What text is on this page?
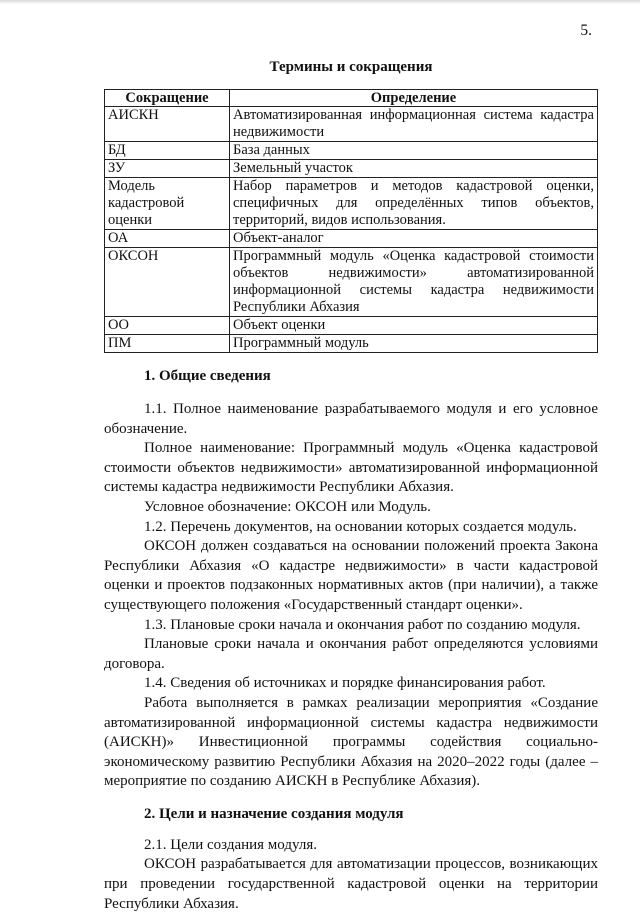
5.
Термины и сокращения
Сокращение	Определение
АИСКН	Автоматизированная информационная система кадастра недвижимости
БД	База данных
ЗУ	Земельный участок
Модель кадастровой оценки	Набор параметров и методов кадастровой оценки, специфичных для определённых типов объектов, территорий, видов использования.
ОА	Объект-аналог
ОКСОН	Программный модуль «Оценка кадастровой стоимости объектов недвижимости» автоматизированной информационной системы кадастра недвижимости Республики Абхазия
ОО	Объект оценки
ПМ	Программный модуль
1. Общие сведения

1.1. Полное наименование разрабатываемого модуля и его условное обозначение.

Полное наименование: Программный модуль «Оценка кадастровой стоимости объектов недвижимости» автоматизированной информационной системы кадастра недвижимости Республики Абхазия.

Условное обозначение: ОКСОН или Модуль.

1.2. Перечень документов, на основании которых создается модуль.

ОКСОН должен создаваться на основании положений проекта Закона Республики Абхазия «О кадастре недвижимости» в части кадастровой оценки и проектов подзаконных нормативных актов (при наличии), а также существующего положения «Государственный стандарт оценки».

1.3. Плановые сроки начала и окончания работ по созданию модуля.

Плановые сроки начала и окончания работ определяются условиями договора.

1.4. Сведения об источниках и порядке финансирования работ.

Работа выполняется в рамках реализации мероприятия «Создание автоматизированной информационной системы кадастра недвижимости (АИСКН)» Инвестиционной программы содействия социально-экономическому развитию Республики Абхазия на 2020–2022 годы (далее – мероприятие по созданию АИСКН в Республике Абхазия).

2. Цели и назначение создания модуля

2.1. Цели создания модуля.

ОКСОН разрабатывается для автоматизации процессов, возникающих при проведении государственной кадастровой оценки на территории Республики Абхазия.
